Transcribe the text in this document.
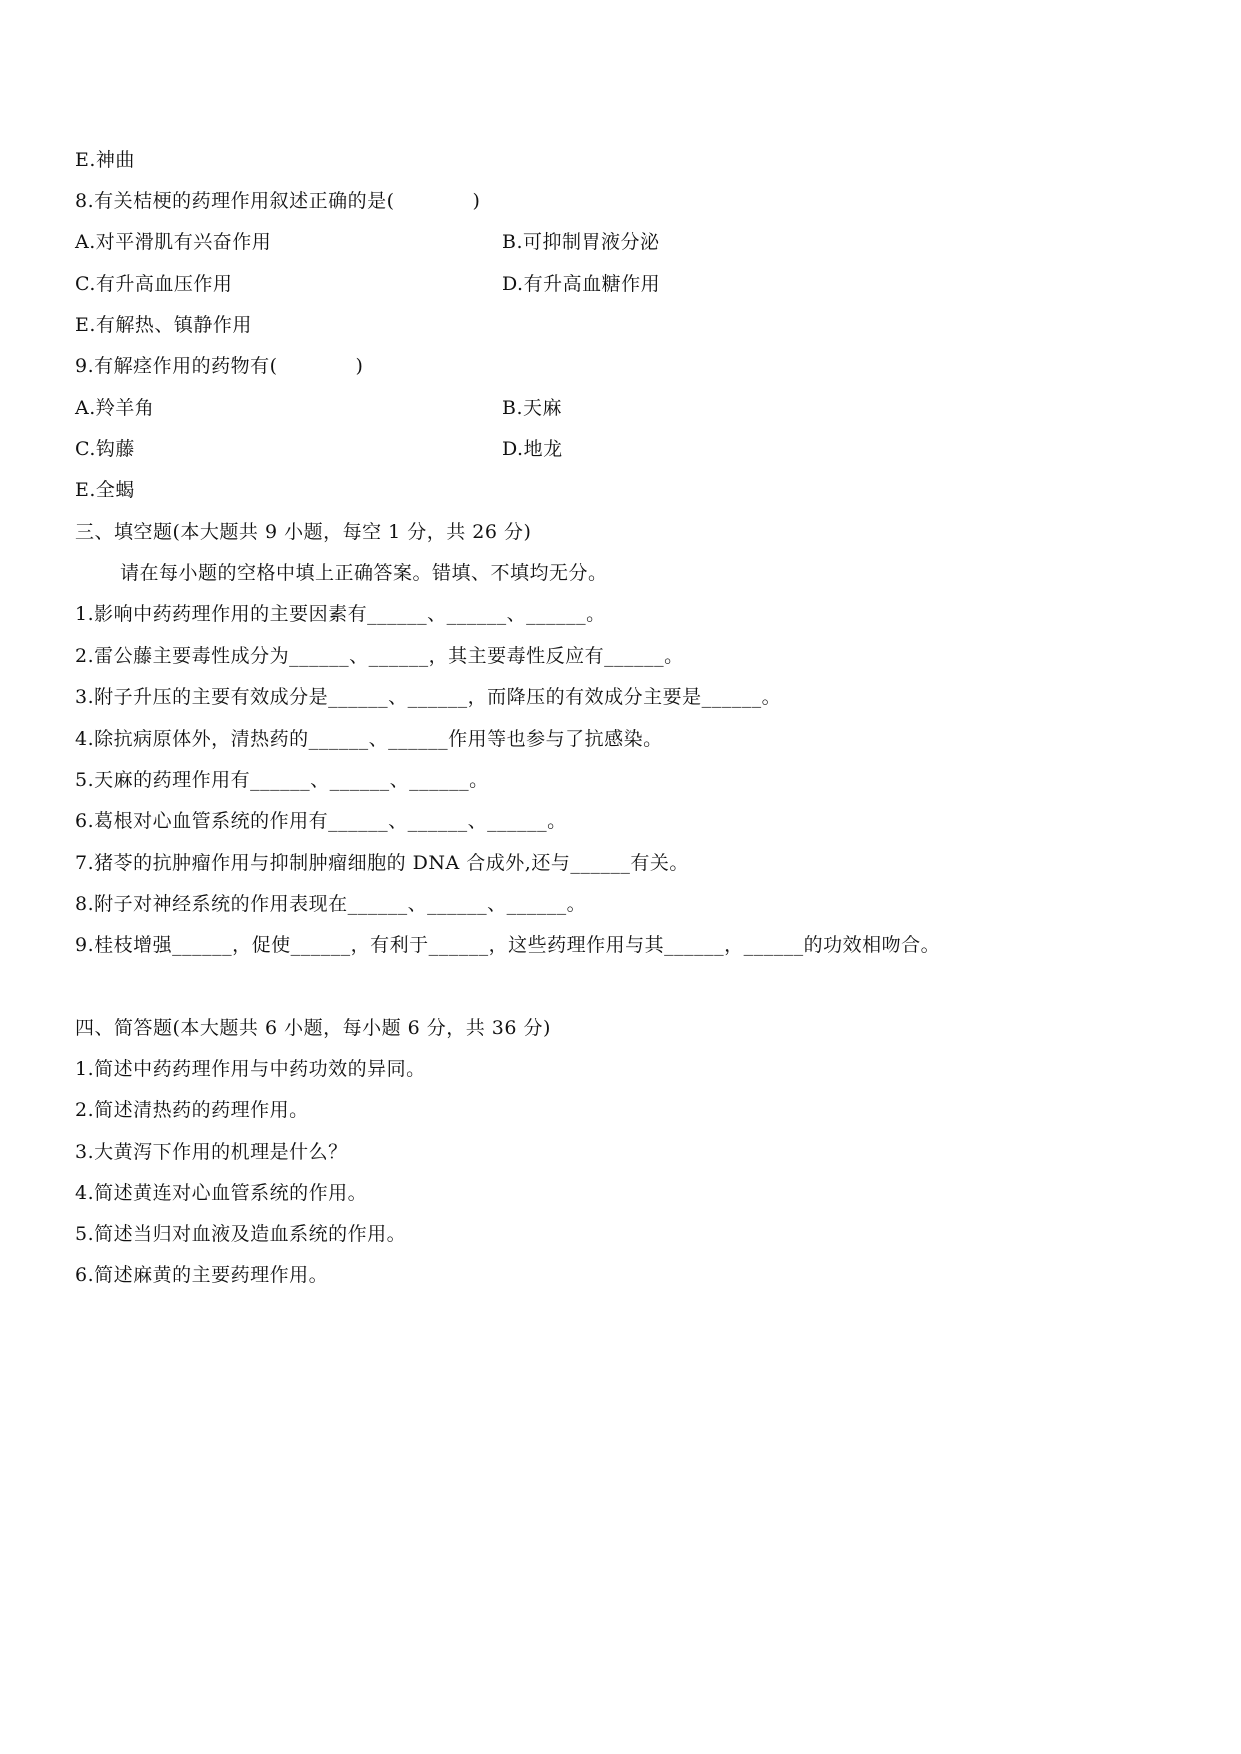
E.神曲
8.有关桔梗的药理作用叙述正确的是(　　　　)
A.对平滑肌有兴奋作用	B.可抑制胃液分泌
C.有升高血压作用	D.有升高血糖作用
E.有解热、镇静作用
9.有解痉作用的药物有(　　　　)
A.羚羊角	B.天麻
C.钩藤	D.地龙
E.全蝎
三、填空题(本大题共 9 小题，每空 1 分，共 26 分)
请在每小题的空格中填上正确答案。错填、不填均无分。
1.影响中药药理作用的主要因素有______、______、______。
2.雷公藤主要毒性成分为______、______，其主要毒性反应有______。
3.附子升压的主要有效成分是______、______，而降压的有效成分主要是______。
4.除抗病原体外，清热药的______、______作用等也参与了抗感染。
5.天麻的药理作用有______、______、______。
6.葛根对心血管系统的作用有______、______、______。
7.猪苓的抗肿瘤作用与抑制肿瘤细胞的 DNA 合成外,还与______有关。
8.附子对神经系统的作用表现在______、______、______。
9.桂枝增强______，促使______，有利于______，这些药理作用与其______，______的功效相吻合。
四、简答题(本大题共 6 小题，每小题 6 分，共 36 分)
1.简述中药药理作用与中药功效的异同。
2.简述清热药的药理作用。
3.大黄泻下作用的机理是什么？
4.简述黄连对心血管系统的作用。
5.简述当归对血液及造血系统的作用。
6.简述麻黄的主要药理作用。
